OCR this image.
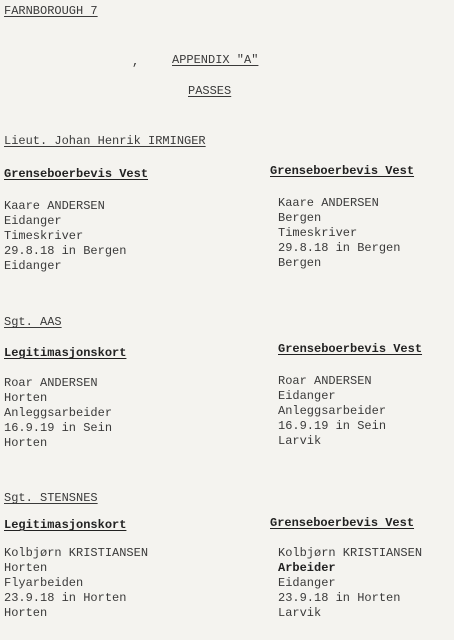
FARNBOROUGH 7
,	APPENDIX "A"
PASSES
Lieut. Johan Henrik IRMINGER
Grenseboerbevis Vest
Kaare ANDERSEN
Eidanger
Timeskriver
29.8.18 in Bergen
Eidanger
Grenseboerbevis Vest
Kaare ANDERSEN
Bergen
Timeskriver
29.8.18 in Bergen
Bergen
Sgt. AAS
Legitimasjonskort
Roar ANDERSEN
Horten
Anleggsarbeider
16.9.19 in Sein
Horten
Grenseboerbevis Vest
Roar ANDERSEN
Eidanger
Anleggsarbeider
16.9.19 in Sein
Larvik
Sgt. STENSNES
Legitimasjonskort
Kolbjørn KRISTIANSEN
Horten
Flyarbeiden
23.9.18 in Horten
Horten
Grenseboerbevis Vest
Kolbjørn KRISTIANSEN
Arbeider
Eidanger
23.9.18 in Horten
Larvik
